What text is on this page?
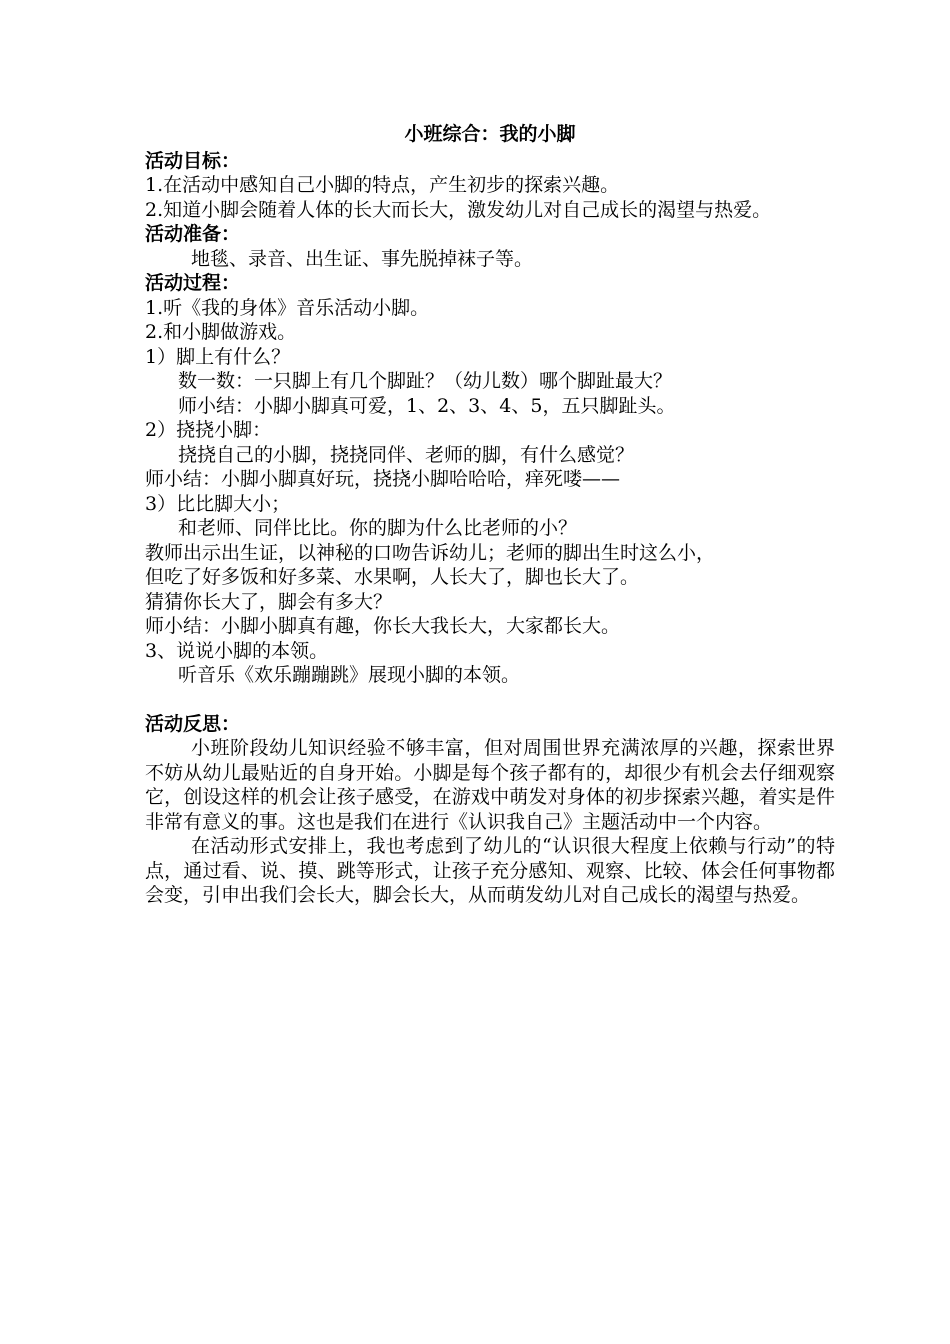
小班综合：我的小脚

活动目标：

1.在活动中感知自己小脚的特点，产生初步的探索兴趣。

2.知道小脚会随着人体的长大而长大，激发幼儿对自己成长的渴望与热爱。

活动准备：

地毯、录音、出生证、事先脱掉袜子等。

活动过程：

1.听《我的身体》音乐活动小脚。

2.和小脚做游戏。

1）脚上有什么？

数一数：一只脚上有几个脚趾？（幼儿数）哪个脚趾最大？

师小结：小脚小脚真可爱，1、2、3、4、5，五只脚趾头。

2）挠挠小脚：

挠挠自己的小脚，挠挠同伴、老师的脚，有什么感觉？

师小结：小脚小脚真好玩，挠挠小脚哈哈哈，痒死喽——

3）比比脚大小；

和老师、同伴比比。你的脚为什么比老师的小？

教师出示出生证，以神秘的口吻告诉幼儿；老师的脚出生时这么小，

但吃了好多饭和好多菜、水果啊，人长大了，脚也长大了。

猜猜你长大了，脚会有多大？

师小结：小脚小脚真有趣，你长大我长大，大家都长大。

3、说说小脚的本领。

听音乐《欢乐蹦蹦跳》展现小脚的本领。

活动反思：

小班阶段幼儿知识经验不够丰富，但对周围世界充满浓厚的兴趣，探索世界不妨从幼儿最贴近的自身开始。小脚是每个孩子都有的，却很少有机会去仔细观察它，创设这样的机会让孩子感受，在游戏中萌发对身体的初步探索兴趣，着实是件非常有意义的事。这也是我们在进行《认识我自己》主题活动中一个内容。

在活动形式安排上，我也考虑到了幼儿的“认识很大程度上依赖与行动”的特点，通过看、说、摸、跳等形式，让孩子充分感知、观察、比较、体会任何事物都会变，引申出我们会长大，脚会长大，从而萌发幼儿对自己成长的渴望与热爱。
